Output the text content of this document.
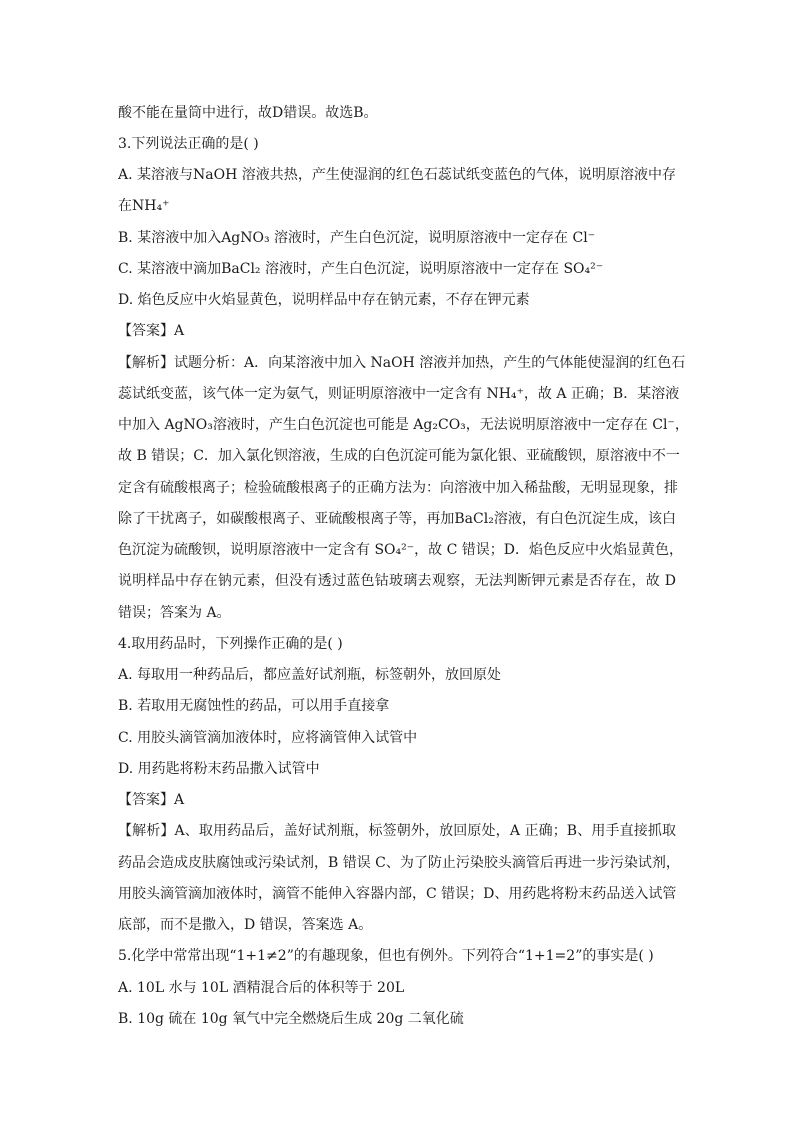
酸不能在量筒中进行，故D错误。故选B。

3.下列说法正确的是( )

A. 某溶液与NaOH 溶液共热，产生使湿润的红色石蕊试纸变蓝色的气体，说明原溶液中存

在NH₄⁺

B. 某溶液中加入AgNO₃ 溶液时，产生白色沉淀，说明原溶液中一定存在 Cl⁻

C. 某溶液中滴加BaCl₂ 溶液时，产生白色沉淀，说明原溶液中一定存在 SO₄²⁻

D. 焰色反应中火焰显黄色，说明样品中存在钠元素，不存在钾元素

【答案】A

【解析】试题分析：A．向某溶液中加入 NaOH 溶液并加热，产生的气体能使湿润的红色石

蕊试纸变蓝，该气体一定为氨气，则证明原溶液中一定含有 NH₄⁺，故 A 正确；B．某溶液

中加入 AgNO₃溶液时，产生白色沉淀也可能是 Ag₂CO₃，无法说明原溶液中一定存在 Cl⁻，

故 B 错误；C．加入氯化钡溶液，生成的白色沉淀可能为氯化银、亚硫酸钡，原溶液中不一

定含有硫酸根离子；检验硫酸根离子的正确方法为：向溶液中加入稀盐酸，无明显现象，排

除了干扰离子，如碳酸根离子、亚硫酸根离子等，再加BaCl₂溶液，有白色沉淀生成，该白

色沉淀为硫酸钡，说明原溶液中一定含有 SO₄²⁻，故 C 错误；D．焰色反应中火焰显黄色，

说明样品中存在钠元素，但没有透过蓝色钴玻璃去观察，无法判断钾元素是否存在，故 D

错误；答案为 A。

4.取用药品时，下列操作正确的是( )

A. 每取用一种药品后，都应盖好试剂瓶，标签朝外，放回原处

B. 若取用无腐蚀性的药品，可以用手直接拿

C. 用胶头滴管滴加液体时，应将滴管伸入试管中

D. 用药匙将粉末药品撒入试管中

【答案】A

【解析】A、取用药品后，盖好试剂瓶，标签朝外，放回原处，A 正确；B、用手直接抓取

药品会造成皮肤腐蚀或污染试剂，B 错误 C、为了防止污染胶头滴管后再进一步污染试剂，

用胶头滴管滴加液体时，滴管不能伸入容器内部，C 错误；D、用药匙将粉末药品送入试管

底部，而不是撒入，D 错误，答案选 A。

5.化学中常常出现“1+1≠2”的有趣现象，但也有例外。下列符合“1+1=2”的事实是( )

A. 10L 水与 10L 酒精混合后的体积等于 20L

B. 10g 硫在 10g 氧气中完全燃烧后生成 20g 二氧化硫
